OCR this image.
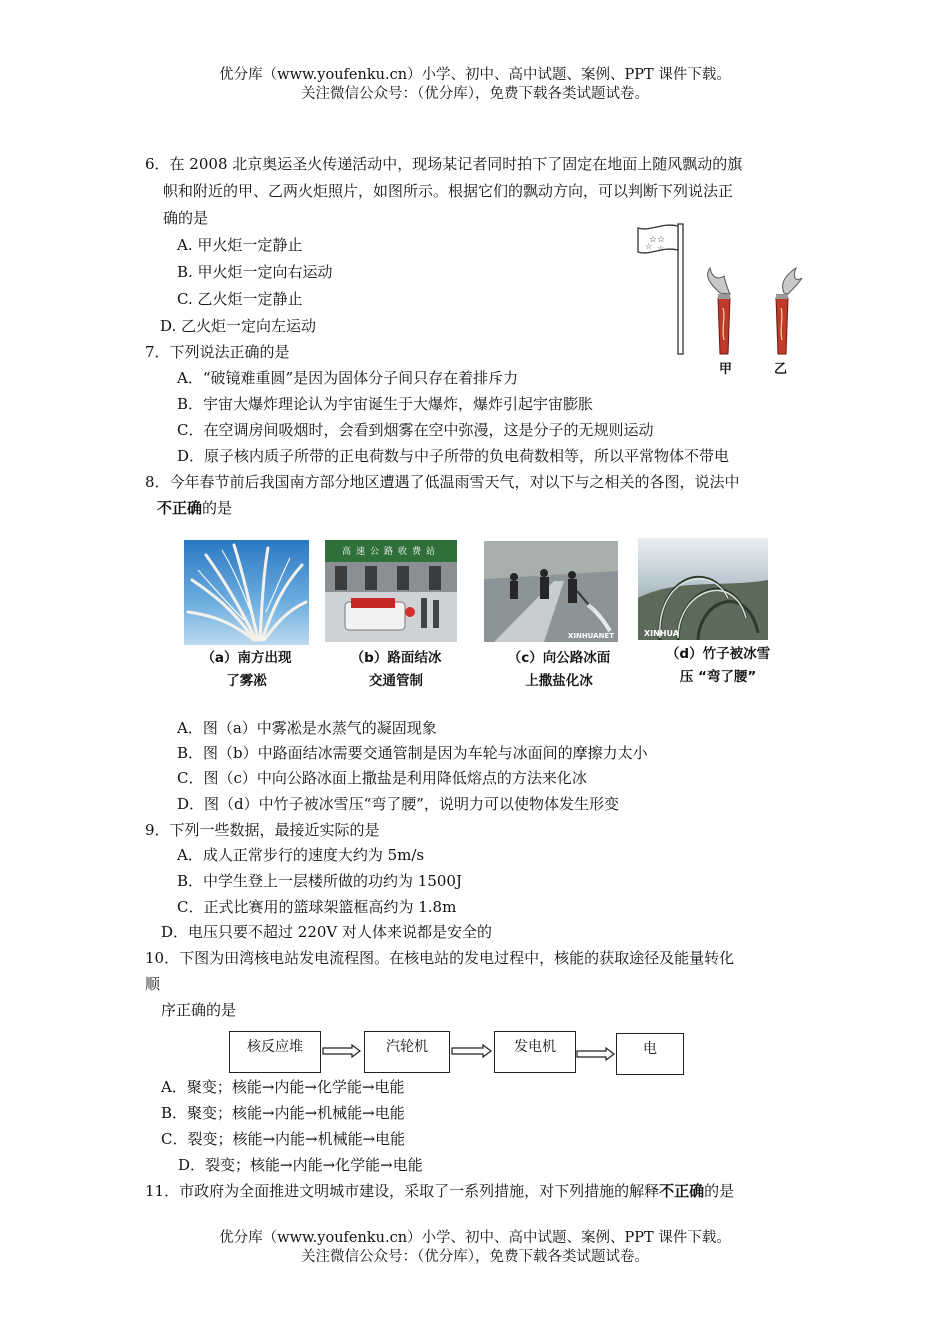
优分库（www.youfenku.cn）小学、初中、高中试题、案例、PPT 课件下载。
关注微信公众号：（优分库），免费下载各类试题试卷。
6．在 2008 北京奥运圣火传递活动中，现场某记者同时拍下了固定在地面上随风飘动的旗
帜和附近的甲、乙两火炬照片，如图所示。根据它们的飘动方向，可以判断下列说法正
确的是
A. 甲火炬一定静止
B. 甲火炬一定向右运动
C. 乙火炬一定静止
D. 乙火炬一定向左运动
☆☆
☆ ☆
甲	乙
7．下列说法正确的是
A．“破镜难重圆”是因为固体分子间只存在着排斥力
B．宇宙大爆炸理论认为宇宙诞生于大爆炸，爆炸引起宇宙膨胀
C．在空调房间吸烟时，会看到烟雾在空中弥漫，这是分子的无规则运动
D．原子核内质子所带的正电荷数与中子所带的负电荷数相等，所以平常物体不带电
8．今年春节前后我国南方部分地区遭遇了低温雨雪天气，对以下与之相关的各图，说法中
不正确的是
高速公路收费站
XINHUANET	XINHUA
（a）南方出现
了雾凇
（b）路面结冰
交通管制
（c）向公路冰面
上撒盐化冰
（d）竹子被冰雪
压 “弯了腰”
A．图（a）中雾凇是水蒸气的凝固现象
B．图（b）中路面结冰需要交通管制是因为车轮与冰面间的摩擦力太小
C．图（c）中向公路冰面上撒盐是利用降低熔点的方法来化冰
D．图（d）中竹子被冰雪压“弯了腰”，说明力可以使物体发生形变
9．下列一些数据，最接近实际的是
A．成人正常步行的速度大约为 5m/s
B．中学生登上一层楼所做的功约为 1500J
C．正式比赛用的篮球架篮框高约为 1.8m
D．电压只要不超过 220V 对人体来说都是安全的
10．下图为田湾核电站发电流程图。在核电站的发电过程中，核能的获取途径及能量转化
顺
序正确的是
核反应堆	汽轮机	发电机	电
A．聚变；核能→内能→化学能→电能
B．聚变；核能→内能→机械能→电能
C．裂变；核能→内能→机械能→电能
D．裂变；核能→内能→化学能→电能
11．市政府为全面推进文明城市建设，采取了一系列措施，对下列措施的解释不正确的是
优分库（www.youfenku.cn）小学、初中、高中试题、案例、PPT 课件下载。
关注微信公众号：（优分库），免费下载各类试题试卷。
